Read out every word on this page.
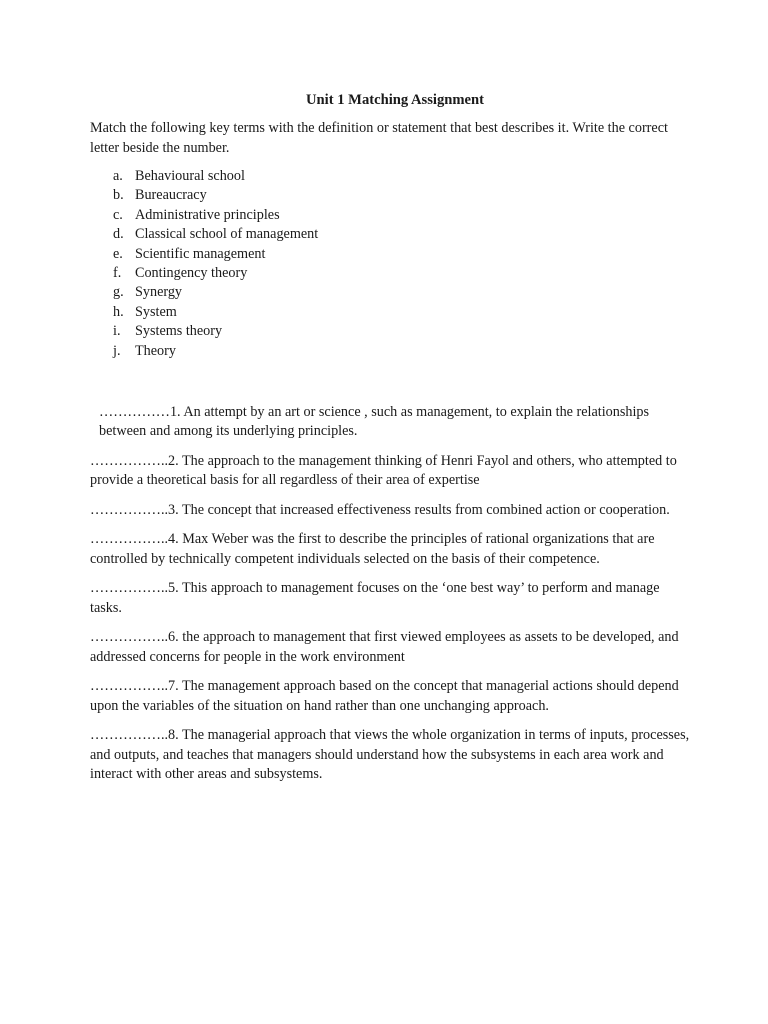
Unit 1 Matching Assignment
Match the following key terms with the definition or statement that best describes it. Write the correct letter beside the number.
a. Behavioural school
b. Bureaucracy
c. Administrative principles
d. Classical school of management
e. Scientific management
f. Contingency theory
g. Synergy
h. System
i.	Systems theory
j.	Theory

……………1. An attempt by an art or science , such as management, to explain the relationships between and among its underlying principles.

……………..2. The approach to the management thinking of Henri Fayol and others, who attempted to provide a theoretical basis for all regardless of their area of expertise

……………..3. The concept that increased effectiveness results from combined action or cooperation.

……………..4. Max Weber was the first to describe the principles of rational organizations that are controlled by technically competent individuals selected on the basis of their competence.

……………..5. This approach to management focuses on the ‘one best way’ to perform and manage tasks.

……………..6. the approach to management that first viewed employees as assets to be developed, and addressed concerns for people in the work environment

……………..7. The management approach based on the concept that managerial actions should depend upon the variables of the situation on hand rather than one unchanging approach.

……………..8. The managerial approach that views the whole organization in terms of inputs, processes, and outputs, and teaches that managers should understand how the subsystems in each area work and interact with other areas and subsystems.
